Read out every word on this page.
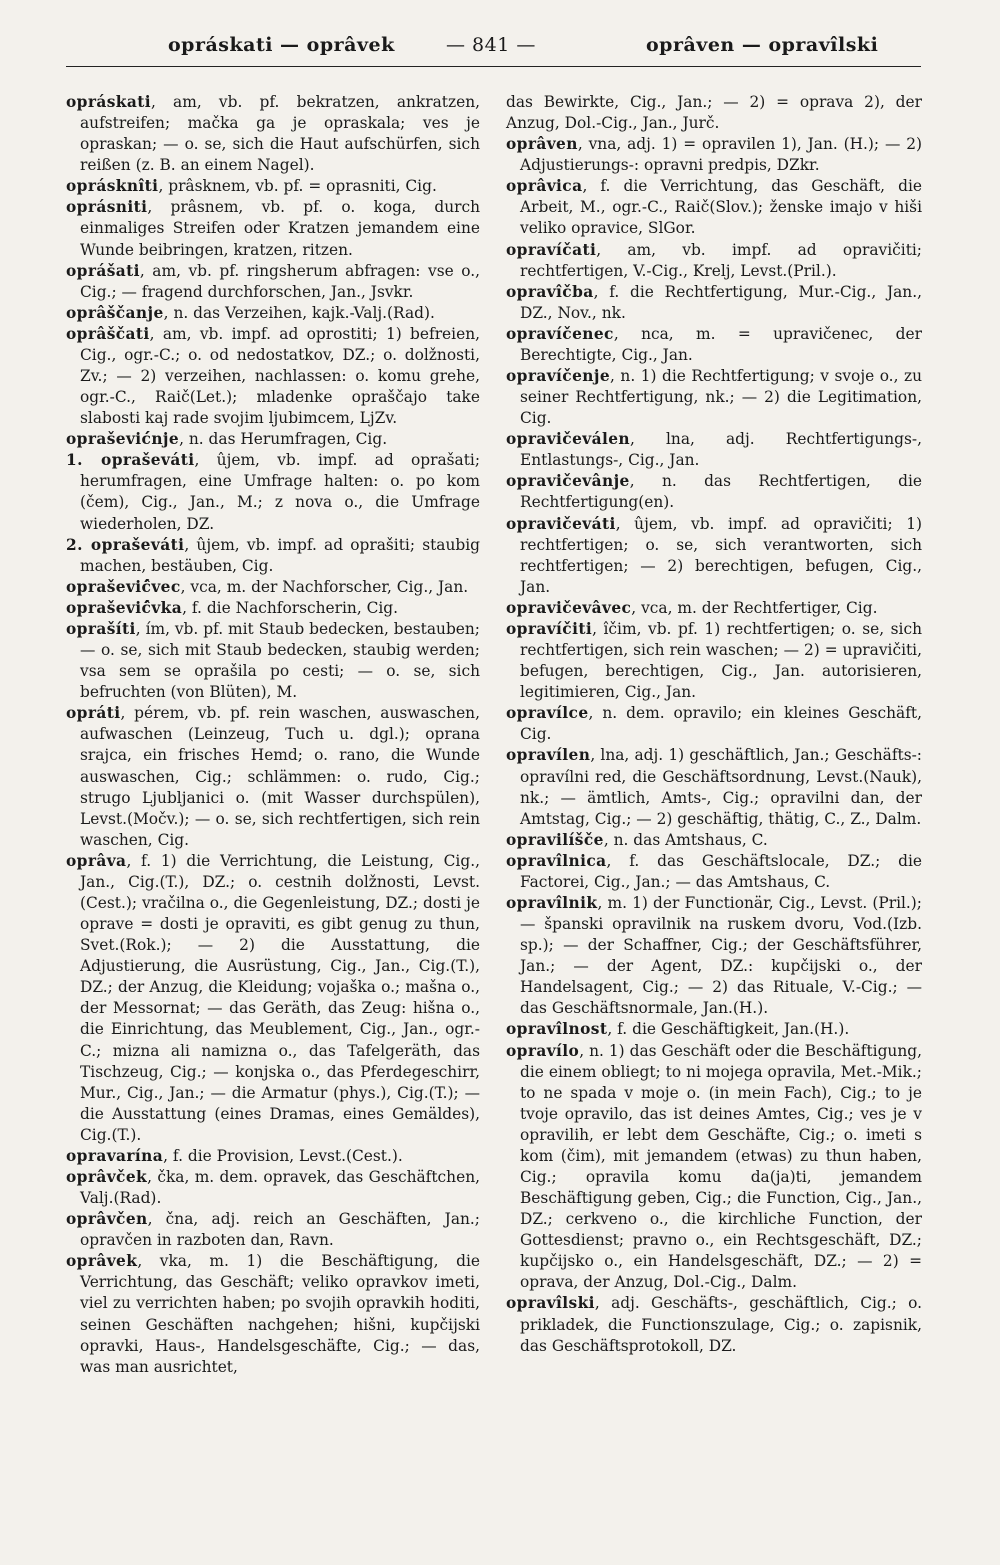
opráskati — oprâvek	— 841 —	oprâven — opravîlski

opráskati, am, vb. pf. bekratzen, ankratzen, aufstreifen; mačka ga je opraskala; ves je opraskan; — o. se, sich die Haut aufschürfen, sich reißen (z. B. an einem Nagel).

oprásknîti, prâsknem, vb. pf. = oprasniti, Cig.

oprásniti, prâsnem, vb. pf. o. koga, durch einmaliges Streifen oder Kratzen jemandem eine Wunde beibringen, kratzen, ritzen.

oprášati, am, vb. pf. ringsherum abfragen: vse o., Cig.; — fragend durchforschen, Jan., Jsvkr.

oprâščanje, n. das Verzeihen, kajk.-Valj.(Rad).

oprâščati, am, vb. impf. ad oprostiti; 1) befreien, Cig., ogr.-C.; o. od nedostatkov, DZ.; o. dolžnosti, Zv.; — 2) verzeihen, nachlassen: o. komu grehe, ogr.-C., Raič(Let.); mladenke opraščajo take slabosti kaj rade svojim ljubimcem, LjZv.

oprašević́nje, n. das Herumfragen, Cig.

1. opraševáti, ûjem, vb. impf. ad oprašati; herumfragen, eine Umfrage halten: o. po kom (čem), Cig., Jan., M.; z nova o., die Umfrage wiederholen, DZ.

2. opraševáti, ûjem, vb. impf. ad oprašiti; staubig machen, bestäuben, Cig.

oprašević̂vec, vca, m. der Nachforscher, Cig., Jan.

oprašević̂vka, f. die Nachforscherin, Cig.

oprašíti, ím, vb. pf. mit Staub bedecken, bestauben; — o. se, sich mit Staub bedecken, staubig werden; vsa sem se oprašila po cesti; — o. se, sich befruchten (von Blüten), M.

opráti, pérem, vb. pf. rein waschen, auswaschen, aufwaschen (Leinzeug, Tuch u. dgl.); oprana srajca, ein frisches Hemd; o. rano, die Wunde auswaschen, Cig.; schlämmen: o. rudo, Cig.; strugo Ljubljanici o. (mit Wasser durchspülen), Levst.(Močv.); — o. se, sich rechtfertigen, sich rein waschen, Cig.

oprâva, f. 1) die Verrichtung, die Leistung, Cig., Jan., Cig.(T.), DZ.; o. cestnih dolžnosti, Levst.(Cest.); vračilna o., die Gegenleistung, DZ.; dosti je oprave = dosti je opraviti, es gibt genug zu thun, Svet.(Rok.); — 2) die Ausstattung, die Adjustierung, die Ausrüstung, Cig., Jan., Cig.(T.), DZ.; der Anzug, die Kleidung; vojaška o.; mašna o., der Messornat; — das Geräth, das Zeug: hišna o., die Einrichtung, das Meublement, Cig., Jan., ogr.-C.; mizna ali namizna o., das Tafelgeräth, das Tischzeug, Cig.; — konjska o., das Pferdegeschirr, Mur., Cig., Jan.; — die Armatur (phys.), Cig.(T.); — die Ausstattung (eines Dramas, eines Gemäldes), Cig.(T.).

opravarína, f. die Provision, Levst.(Cest.).

oprâvček, čka, m. dem. opravek, das Geschäftchen, Valj.(Rad).

oprâvčen, čna, adj. reich an Geschäften, Jan.; opravčen in razboten dan, Ravn.

oprâvek, vka, m. 1) die Beschäftigung, die Verrichtung, das Geschäft; veliko opravkov imeti, viel zu verrichten haben; po svojih opravkih hoditi, seinen Geschäften nachgehen; hišni, kupčijski opravki, Haus-, Handelsgeschäfte, Cig.; — das, was man ausrichtet,

das Bewirkte, Cig., Jan.; — 2) = oprava 2), der Anzug, Dol.-Cig., Jan., Jurč.

oprâven, vna, adj. 1) = opravilen 1), Jan. (H.); — 2) Adjustierungs-: opravni predpis, DZkr.

oprâvica, f. die Verrichtung, das Geschäft, die Arbeit, M., ogr.-C., Raič(Slov.); ženske imajo v hiši veliko opravice, SlGor.

opravíčati, am, vb. impf. ad opravičiti; rechtfertigen, V.-Cig., Krelj, Levst.(Pril.).

opravîčba, f. die Rechtfertigung, Mur.-Cig., Jan., DZ., Nov., nk.

opravíčenec, nca, m. = upravičenec, der Berechtigte, Cig., Jan.

opravíčenje, n. 1) die Rechtfertigung; v svoje o., zu seiner Rechtfertigung, nk.; — 2) die Legitimation, Cig.

opravičeválen, lna, adj. Rechtfertigungs-, Entlastungs-, Cig., Jan.

opravičevânje, n. das Rechtfertigen, die Rechtfertigung(en).

opravičeváti, ûjem, vb. impf. ad opravičiti; 1) rechtfertigen; o. se, sich verantworten, sich rechtfertigen; — 2) berechtigen, befugen, Cig., Jan.

opravičevâvec, vca, m. der Rechtfertiger, Cig.

opravíčiti, îčim, vb. pf. 1) rechtfertigen; o. se, sich rechtfertigen, sich rein waschen; — 2) = upravičiti, befugen, berechtigen, Cig., Jan. autorisieren, legitimieren, Cig., Jan.

opravílce, n. dem. opravilo; ein kleines Geschäft, Cig.

opravílen, lna, adj. 1) geschäftlich, Jan.; Geschäfts-: opravílni red, die Geschäftsordnung, Levst.(Nauk), nk.; — ämtlich, Amts-, Cig.; opravilni dan, der Amtstag, Cig.; — 2) geschäftig, thätig, C., Z., Dalm.

opravilíšče, n. das Amtshaus, C.

opravîlnica, f. das Geschäftslocale, DZ.; die Factorei, Cig., Jan.; — das Amtshaus, C.

opravîlnik, m. 1) der Functionär, Cig., Levst. (Pril.); — španski opravilnik na ruskem dvoru, Vod.(Izb. sp.); — der Schaffner, Cig.; der Geschäftsführer, Jan.; — der Agent, DZ.: kupčijski o., der Handelsagent, Cig.; — 2) das Rituale, V.-Cig.; — das Geschäftsnormale, Jan.(H.).

opravîlnost, f. die Geschäftigkeit, Jan.(H.).

opravílo, n. 1) das Geschäft oder die Beschäftigung, die einem obliegt; to ni mojega opravila, Met.-Mik.; to ne spada v moje o. (in mein Fach), Cig.; to je tvoje opravilo, das ist deines Amtes, Cig.; ves je v opravilih, er lebt dem Geschäfte, Cig.; o. imeti s kom (čim), mit jemandem (etwas) zu thun haben, Cig.; opravila komu da(ja)ti, jemandem Beschäftigung geben, Cig.; die Function, Cig., Jan., DZ.; cerkveno o., die kirchliche Function, der Gottesdienst; pravno o., ein Rechtsgeschäft, DZ.; kupčijsko o., ein Handelsgeschäft, DZ.; — 2) = oprava, der Anzug, Dol.-Cig., Dalm.

opravîlski, adj. Geschäfts-, geschäftlich, Cig.; o. prikladek, die Functionszulage, Cig.; o. zapisnik, das Geschäftsprotokoll, DZ.
